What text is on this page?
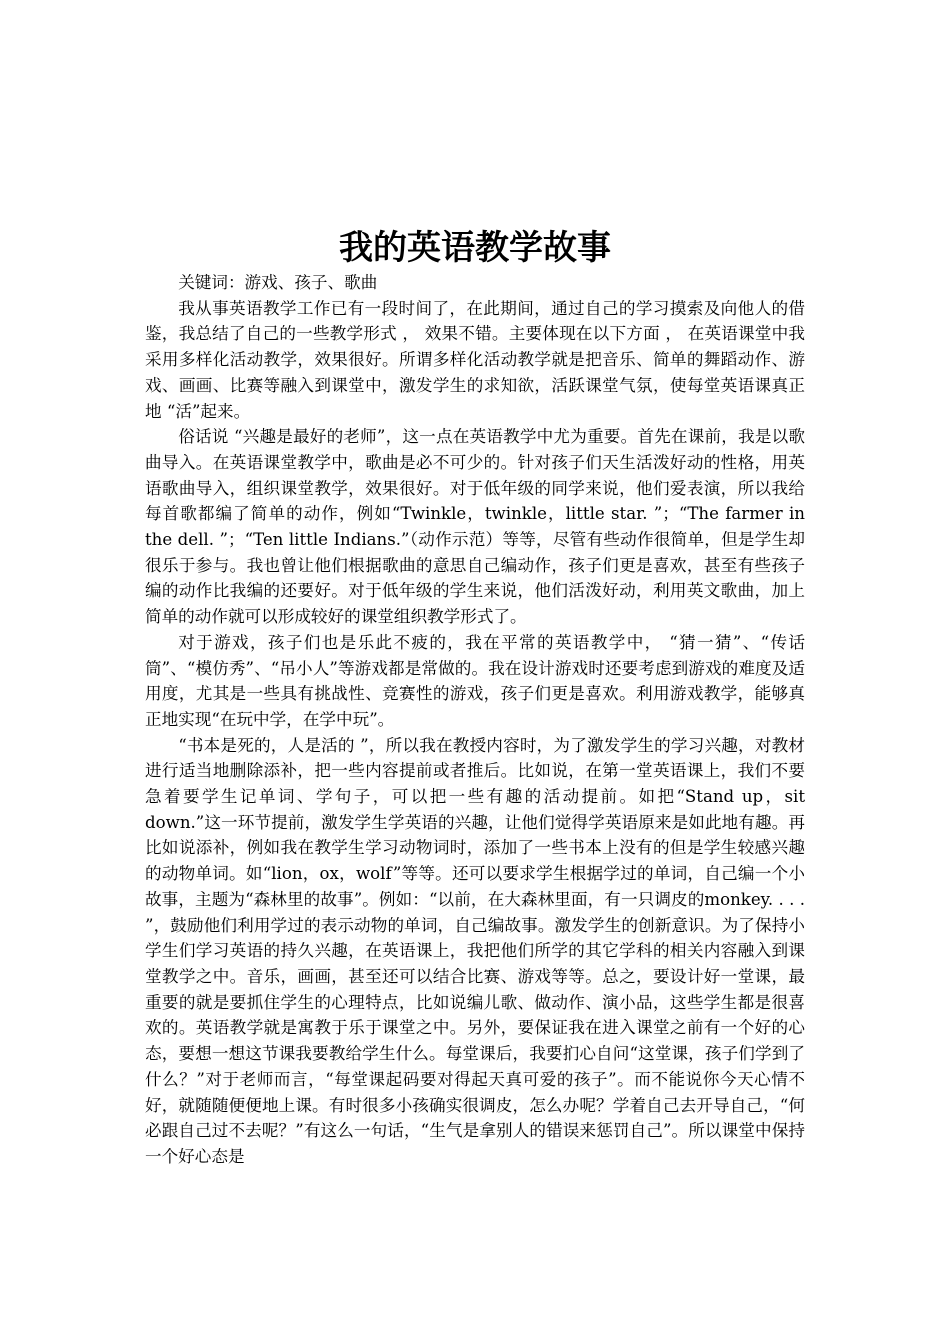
我的英语教学故事

关键词：游戏、孩子、歌曲

我从事英语教学工作已有一段时间了，在此期间，通过自己的学习摸索及向他人的借鉴，我总结了自己的一些教学形式 ， 效果不错。主要体现在以下方面 ， 在英语课堂中我采用多样化活动教学，效果很好。所谓多样化活动教学就是把音乐、简单的舞蹈动作、游戏、画画、比赛等融入到课堂中，激发学生的求知欲，活跃课堂气氛，使每堂英语课真正地 “活”起来。

俗话说 “兴趣是最好的老师”，这一点在英语教学中尤为重要。首先在课前，我是以歌曲导入。在英语课堂教学中，歌曲是必不可少的。针对孩子们天生活泼好动的性格，用英语歌曲导入，组织课堂教学，效果很好。对于低年级的同学来说，他们爱表演，所以我给每首歌都编了简单的动作，例如“Twinkle，twinkle，little star. ”；“The farmer in the dell. ”；“Ten little Indians.”（动作示范）等等，尽管有些动作很简单，但是学生却很乐于参与。我也曾让他们根据歌曲的意思自己编动作，孩子们更是喜欢，甚至有些孩子编的动作比我编的还要好。对于低年级的学生来说，他们活泼好动，利用英文歌曲，加上简单的动作就可以形成较好的课堂组织教学形式了。

对于游戏，孩子们也是乐此不疲的，我在平常的英语教学中， “猜一猜”、“传话筒”、“模仿秀”、“吊小人”等游戏都是常做的。我在设计游戏时还要考虑到游戏的难度及适用度，尤其是一些具有挑战性、竞赛性的游戏，孩子们更是喜欢。利用游戏教学，能够真正地实现“在玩中学，在学中玩”。

“书本是死的，人是活的 ”，所以我在教授内容时，为了激发学生的学习兴趣，对教材进行适当地删除添补，把一些内容提前或者推后。比如说，在第一堂英语课上，我们不要急着要学生记单词、学句子，可以把一些有趣的活动提前。如把“Stand up，sit down.”这一环节提前，激发学生学英语的兴趣，让他们觉得学英语原来是如此地有趣。再比如说添补，例如我在教学生学习动物词时，添加了一些书本上没有的但是学生较感兴趣的动物单词。如“lion，ox，wolf”等等。还可以要求学生根据学过的单词，自己编一个小故事，主题为“森林里的故事”。例如：“以前，在大森林里面，有一只调皮的monkey. . . . ”，鼓励他们利用学过的表示动物的单词，自己编故事。激发学生的创新意识。为了保持小学生们学习英语的持久兴趣，在英语课上，我把他们所学的其它学科的相关内容融入到课堂教学之中。音乐，画画，甚至还可以结合比赛、游戏等等。总之，要设计好一堂课，最重要的就是要抓住学生的心理特点，比如说编儿歌、做动作、演小品，这些学生都是很喜欢的。英语教学就是寓教于乐于课堂之中。另外，要保证我在进入课堂之前有一个好的心态，要想一想这节课我要教给学生什么。每堂课后，我要扪心自问“这堂课，孩子们学到了什么？”对于老师而言，“每堂课起码要对得起天真可爱的孩子”。而不能说你今天心情不好，就随随便便地上课。有时很多小孩确实很调皮，怎么办呢？学着自己去开导自己，“何必跟自己过不去呢？”有这么一句话，“生气是拿别人的错误来惩罚自己”。所以课堂中保持一个好心态是
